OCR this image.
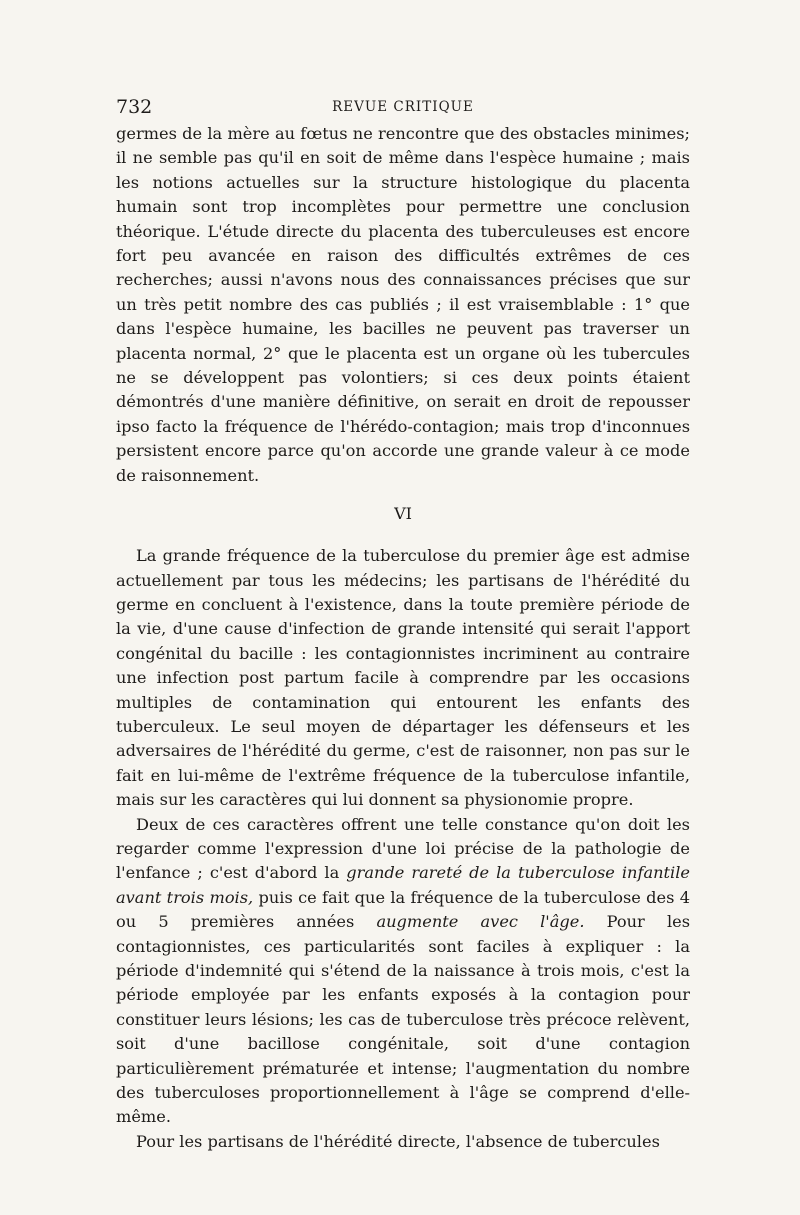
732	REVUE CRITIQUE

germes de la mère au fœtus ne rencontre que des obstacles minimes; il ne semble pas qu'il en soit de même dans l'espèce humaine ; mais les notions actuelles sur la structure histologique du placenta humain sont trop incomplètes pour permettre une conclusion théorique. L'étude directe du placenta des tuberculeuses est encore fort peu avancée en raison des difficultés extrêmes de ces recherches; aussi n'avons nous des connaissances précises que sur un très petit nombre des cas publiés ; il est vraisemblable : 1° que dans l'espèce humaine, les bacilles ne peuvent pas traverser un placenta normal, 2° que le placenta est un organe où les tubercules ne se développent pas volontiers; si ces deux points étaient démontrés d'une manière définitive, on serait en droit de repousser ipso facto la fréquence de l'hérédo-contagion; mais trop d'inconnues persistent encore parce qu'on accorde une grande valeur à ce mode de raisonnement.

VI

La grande fréquence de la tuberculose du premier âge est admise actuellement par tous les médecins; les partisans de l'hérédité du germe en concluent à l'existence, dans la toute première période de la vie, d'une cause d'infection de grande intensité qui serait l'apport congénital du bacille : les contagionnistes incriminent au contraire une infection post partum facile à comprendre par les occasions multiples de contamination qui entourent les enfants des tuberculeux. Le seul moyen de départager les défenseurs et les adversaires de l'hérédité du germe, c'est de raisonner, non pas sur le fait en lui-même de l'extrême fréquence de la tuberculose infantile, mais sur les caractères qui lui donnent sa physionomie propre.

Deux de ces caractères offrent une telle constance qu'on doit les regarder comme l'expression d'une loi précise de la pathologie de l'enfance ; c'est d'abord la grande rareté de la tuberculose infantile avant trois mois, puis ce fait que la fréquence de la tuberculose des 4 ou 5 premières années augmente avec l'âge. Pour les contagionnistes, ces particularités sont faciles à expliquer : la période d'indemnité qui s'étend de la naissance à trois mois, c'est la période employée par les enfants exposés à la contagion pour constituer leurs lésions; les cas de tuberculose très précoce relèvent, soit d'une bacillose congénitale, soit d'une contagion particulièrement prématurée et intense; l'augmentation du nombre des tuberculoses proportionnellement à l'âge se comprend d'elle-même.

Pour les partisans de l'hérédité directe, l'absence de tubercules
